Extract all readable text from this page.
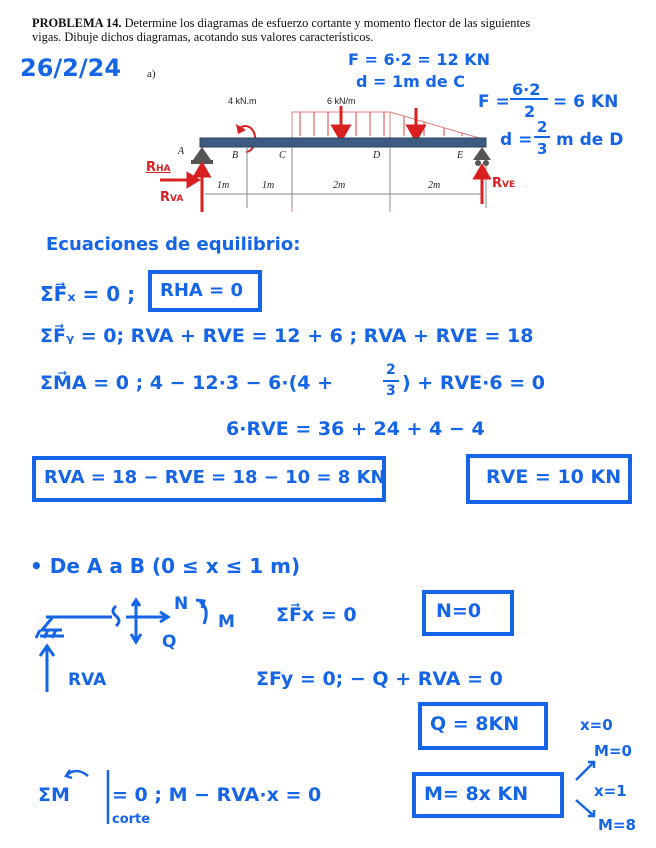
PROBLEMA 14. Determine los diagramas de esfuerzo cortante y momento flector de las siguientes
vigas. Dibuje dichos diagramas, acotando sus valores característicos.
26/2/24 a)
4 kN.m	6 kN/m
A	B	C	D	E
1m	1m	2m	2m
F = 6·2 = 12 KN
d = 1m de C
F =
6·2
2 = 6 KN
d =
2
3 m de D
RHA
RVA
RVE
Ecuaciones de equilibrio:
ΣF⃗ₓ = 0 ; RHA = 0
ΣF⃗ᵧ = 0; RVA + RVE = 12 + 6 ; RVA + RVE = 18
ΣM⃗A = 0 ; 4 − 12·3 − 6·(4 +
2
3 ) + RVE·6 = 0
6·RVE = 36 + 24 + 4 − 4
RVA = 18 − RVE = 18 − 10 = 8 KN	RVE = 10 KN
• De A a B (0 ≤ x ≤ 1 m)
N
Q
M
RVA
ΣF⃗x = 0	N=0
ΣFy = 0; − Q + RVA = 0
Q = 8KN	x=0
M=0
ΣM = 0 ; M − RVA·x = 0
corte
M= 8x KN	x=1
M=8
